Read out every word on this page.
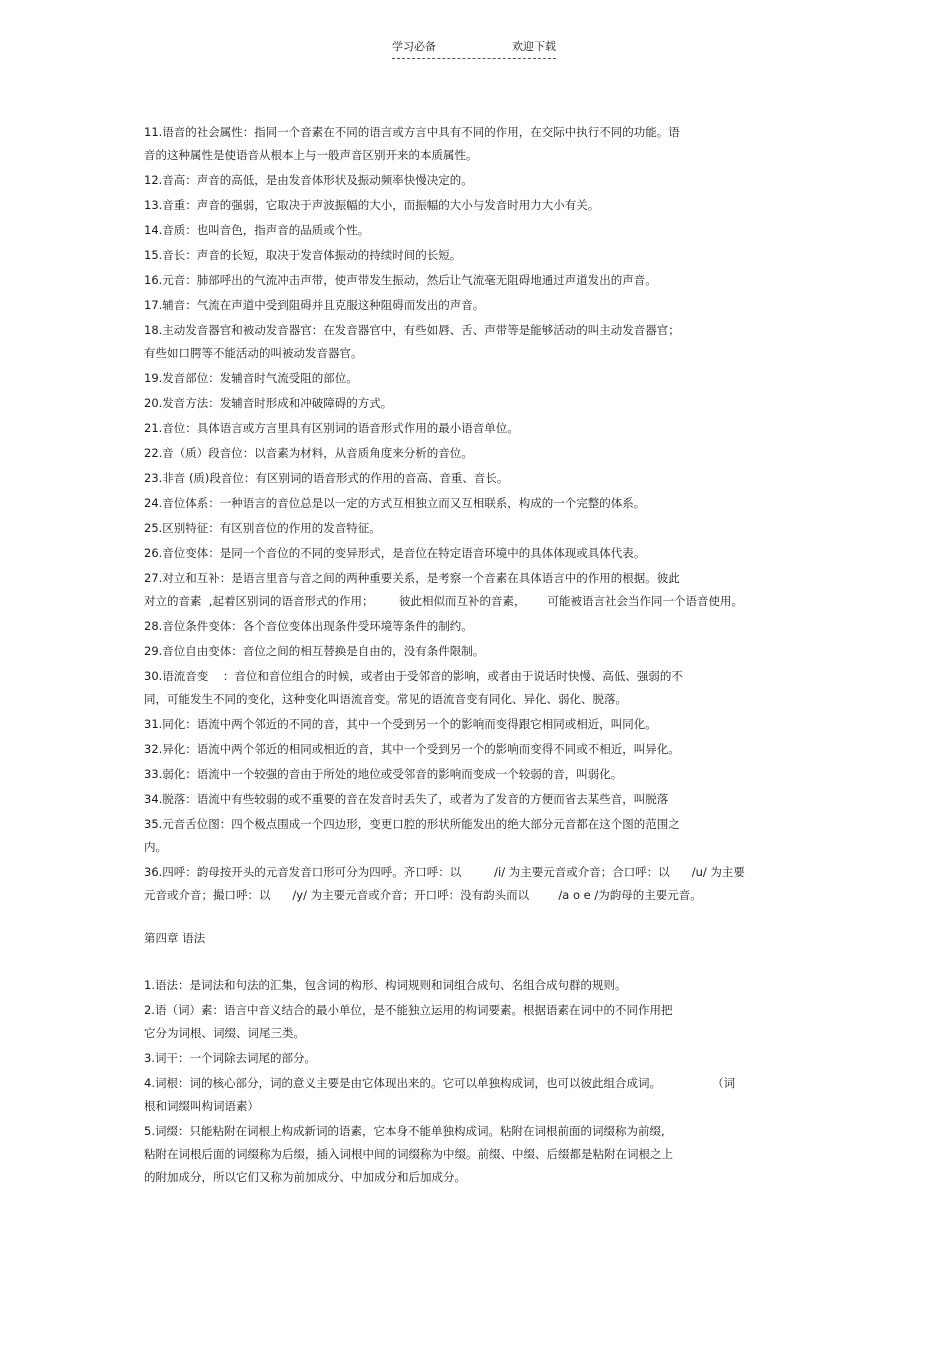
学习必备	欢迎下载
11.语音的社会属性：指同一个音素在不同的语言或方言中具有不同的作用，在交际中执行不同的功能。语
音的这种属性是使语音从根本上与一般声音区别开来的本质属性。
12.音高：声音的高低，是由发音体形状及振动频率快慢决定的。
13.音重：声音的强弱，它取决于声波振幅的大小，而振幅的大小与发音时用力大小有关。
14.音质：也叫音色，指声音的品质或个性。
15.音长：声音的长短，取决于发音体振动的持续时间的长短。
16.元音：肺部呼出的气流冲击声带，使声带发生振动，然后让气流毫无阻碍地通过声道发出的声音。
17.辅音：气流在声道中受到阻碍并且克服这种阻碍而发出的声音。
18.主动发音器官和被动发音器官：在发音器官中，有些如唇、舌、声带等是能够活动的叫主动发音器官；
有些如口腭等不能活动的叫被动发音器官。
19.发音部位：发辅音时气流受阻的部位。
20.发音方法：发辅音时形成和冲破障碍的方式。
21.音位：具体语言或方言里具有区别词的语音形式作用的最小语音单位。
22.音（质）段音位：以音素为材料，从音质角度来分析的音位。
23.非音 (质)段音位：有区别词的语音形式的作用的音高、音重、音长。
24.音位体系：一种语言的音位总是以一定的方式互相独立而又互相联系，构成的一个完整的体系。
25.区别特征：有区别音位的作用的发音特征。
26.音位变体：是同一个音位的不同的变异形式，是音位在特定语音环境中的具体体现或具体代表。
27.对立和互补：是语言里音与音之间的两种重要关系，是考察一个音素在具体语言中的作用的根据。彼此
对立的音素  ,起着区别词的语音形式的作用；       彼此相似而互补的音素，      可能被语言社会当作同一个语音使用。
28.音位条件变体：各个音位变体出现条件受环境等条件的制约。
29.音位自由变体：音位之间的相互替换是自由的，没有条件限制。
30.语流音变    ：音位和音位组合的时候，或者由于受邻音的影响，或者由于说话时快慢、高低、强弱的不
同，可能发生不同的变化，这种变化叫语流音变。常见的语流音变有同化、异化、弱化、脱落。
31.同化：语流中两个邻近的不同的音，其中一个受到另一个的影响而变得跟它相同或相近，叫同化。
32.异化：语流中两个邻近的相同或相近的音，其中一个受到另一个的影响而变得不同或不相近，叫异化。
33.弱化：语流中一个较强的音由于所处的地位或受邻音的影响而变成一个较弱的音，叫弱化。
34.脱落：语流中有些较弱的或不重要的音在发音时丢失了，或者为了发音的方便而省去某些音，叫脱落
35.元音舌位图：四个极点围成一个四边形，变更口腔的形状所能发出的绝大部分元音都在这个图的范围之
内。
36.四呼：韵母按开头的元音发音口形可分为四呼。齐口呼：以         /i/ 为主要元音或介音；合口呼：以      /u/ 为主要
元音或介音；撮口呼：以      /y/ 为主要元音或介音；开口呼：没有韵头而以        /a o e /为韵母的主要元音。
第四章 语法
1.语法：是词法和句法的汇集，包含词的构形、构词规则和词组合成句、名组合成句群的规则。
2.语（词）素：语言中音义结合的最小单位，是不能独立运用的构词要素。根据语素在词中的不同作用把
它分为词根、词缀、词尾三类。
3.词干：一个词除去词尾的部分。
4.词根：词的核心部分，词的意义主要是由它体现出来的。它可以单独构成词，也可以彼此组合成词。              （词
根和词缀叫构词语素）
5.词缀：只能粘附在词根上构成新词的语素，它本身不能单独构成词。粘附在词根前面的词缀称为前缀,
粘附在词根后面的词缀称为后缀，插入词根中间的词缀称为中缀。前缀、中缀、后缀都是粘附在词根之上
的附加成分，所以它们又称为前加成分、中加成分和后加成分。
